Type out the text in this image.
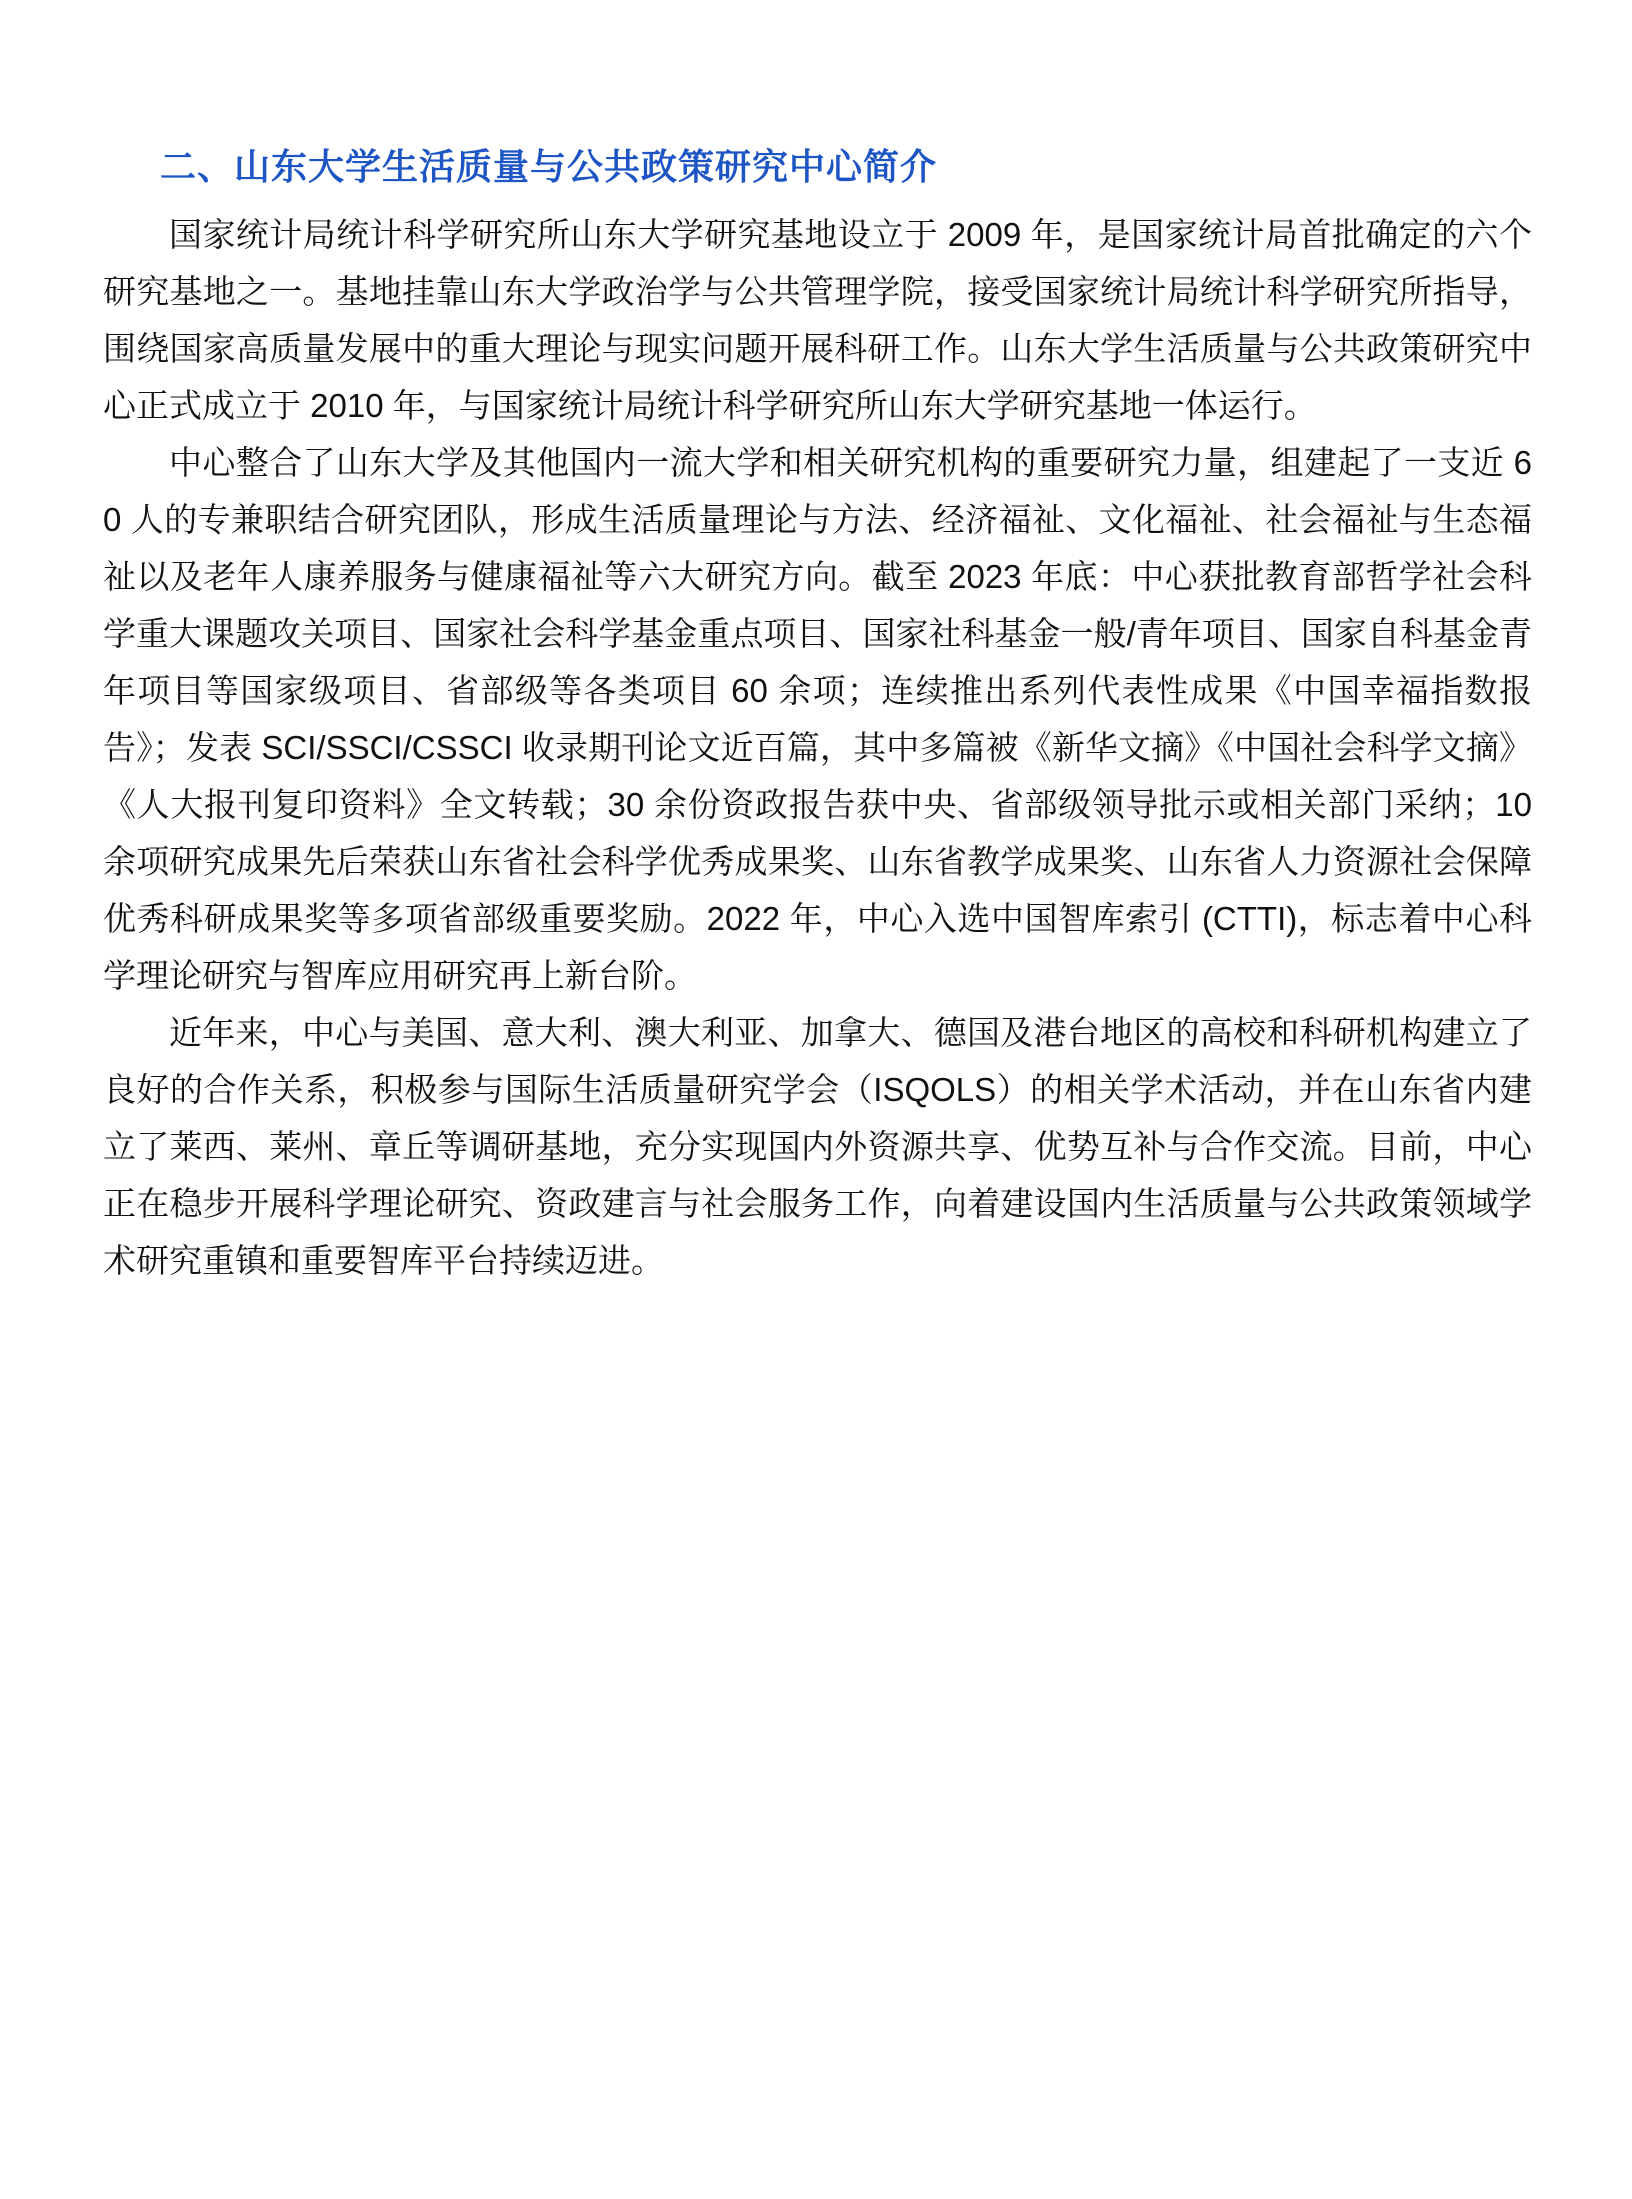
二、山东大学生活质量与公共政策研究中心简介

国家统计局统计科学研究所山东大学研究基地设立于 2009 年，是国家统计局首批确定的六个研究基地之一。基地挂靠山东大学政治学与公共管理学院，接受国家统计局统计科学研究所指导，围绕国家高质量发展中的重大理论与现实问题开展科研工作。山东大学生活质量与公共政策研究中心正式成立于 2010 年，与国家统计局统计科学研究所山东大学研究基地一体运行。

中心整合了山东大学及其他国内一流大学和相关研究机构的重要研究力量，组建起了一支近 60 人的专兼职结合研究团队，形成生活质量理论与方法、经济福祉、文化福祉、社会福祉与生态福祉以及老年人康养服务与健康福祉等六大研究方向。截至 2023 年底：中心获批教育部哲学社会科学重大课题攻关项目、国家社会科学基金重点项目、国家社科基金一般/青年项目、国家自科基金青年项目等国家级项目、省部级等各类项目 60 余项；连续推出系列代表性成果《中国幸福指数报告》；发表 SCI/SSCI/CSSCI 收录期刊论文近百篇，其中多篇被《新华文摘》《中国社会科学文摘》《人大报刊复印资料》全文转载；30 余份资政报告获中央、省部级领导批示或相关部门采纳；10 余项研究成果先后荣获山东省社会科学优秀成果奖、山东省教学成果奖、山东省人力资源社会保障优秀科研成果奖等多项省部级重要奖励。2022 年，中心入选中国智库索引 (CTTI)，标志着中心科学理论研究与智库应用研究再上新台阶。

近年来，中心与美国、意大利、澳大利亚、加拿大、德国及港台地区的高校和科研机构建立了良好的合作关系，积极参与国际生活质量研究学会（ISQOLS）的相关学术活动，并在山东省内建立了莱西、莱州、章丘等调研基地，充分实现国内外资源共享、优势互补与合作交流。目前，中心正在稳步开展科学理论研究、资政建言与社会服务工作，向着建设国内生活质量与公共政策领域学术研究重镇和重要智库平台持续迈进。
